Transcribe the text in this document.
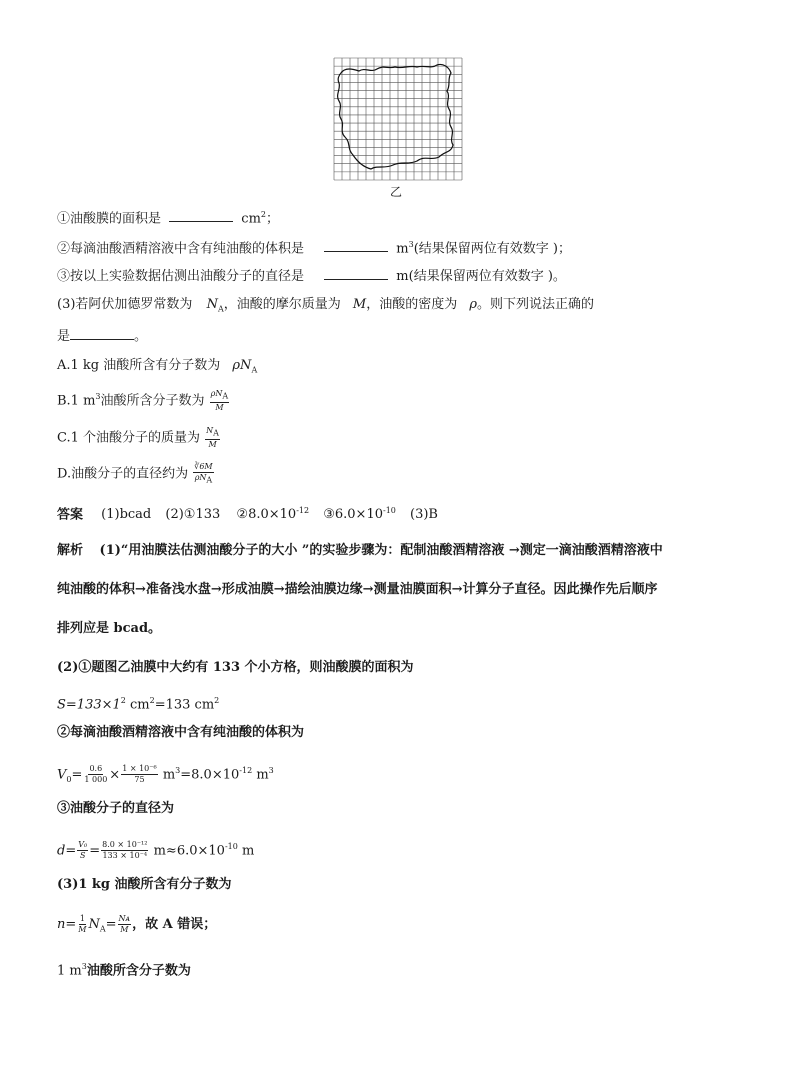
乙
①油酸膜的面积是	$cm^2$；
②每滴油酸酒精溶液中含有纯油酸的体积是	$m^3$(结果保留两位有效数字 )；
③按以上实验数据估测出油酸分子的直径是	m(结果保留两位有效数字 )。
(3)若阿伏加德罗常数为 $N_A$，油酸的摩尔质量为 M，油酸的密度为 ρ。则下列说法正确的
是	。
A.1 kg 油酸所含有分子数为 $\rho N_A$
B.1 $m^3$油酸所含分子数为 $\frac{\rho N_A}{M}$
C.1 个油酸分子的质量为 $\frac{N_A}{M}$
D.油酸分子的直径约为 $\frac{∛6M}{\rho N_A}$
答案 (1)bcad (2)①133 $②8.0\times 10^{-12}$ $③6.0\times 10^{-10}$ (3)B
解析 (1)“用油膜法估测油酸分子的大小 ”的实验步骤为：配制油酸酒精溶液 →测定一滴油酸酒精溶液中
纯油酸的体积→准备浅水盘→形成油膜→描绘油膜边缘→测量油膜面积→计算分子直径。因此操作先后顺序
排列应是 bcad。
(2)①题图乙油膜中大约有 133 个小方格，则油酸膜的面积为
$S=133\times 1^2$ $cm^2=133$ $cm^2$
②每滴油酸酒精溶液中含有纯油酸的体积为
$V_0= \frac{0.6}{1 000} \times \frac{\text{1 × 10⁻⁶}}{75} m^3=8.0\times 10^{-12}$ $m^3$
③油酸分子的直径为
$d= \frac{\text{V₀}}{S} = \frac{\text{8.0 × 10⁻¹²}}{\text{133 × 10⁻⁴}} m\approx 6.0\times 10^{-10}$ m
(3)1 kg 油酸所含有分子数为
$n= \frac{1}{M} N_A= \frac{\text{Nᴀ}}{M}$ ，故 A 错误；
1 $m^3$油酸所含分子数为
